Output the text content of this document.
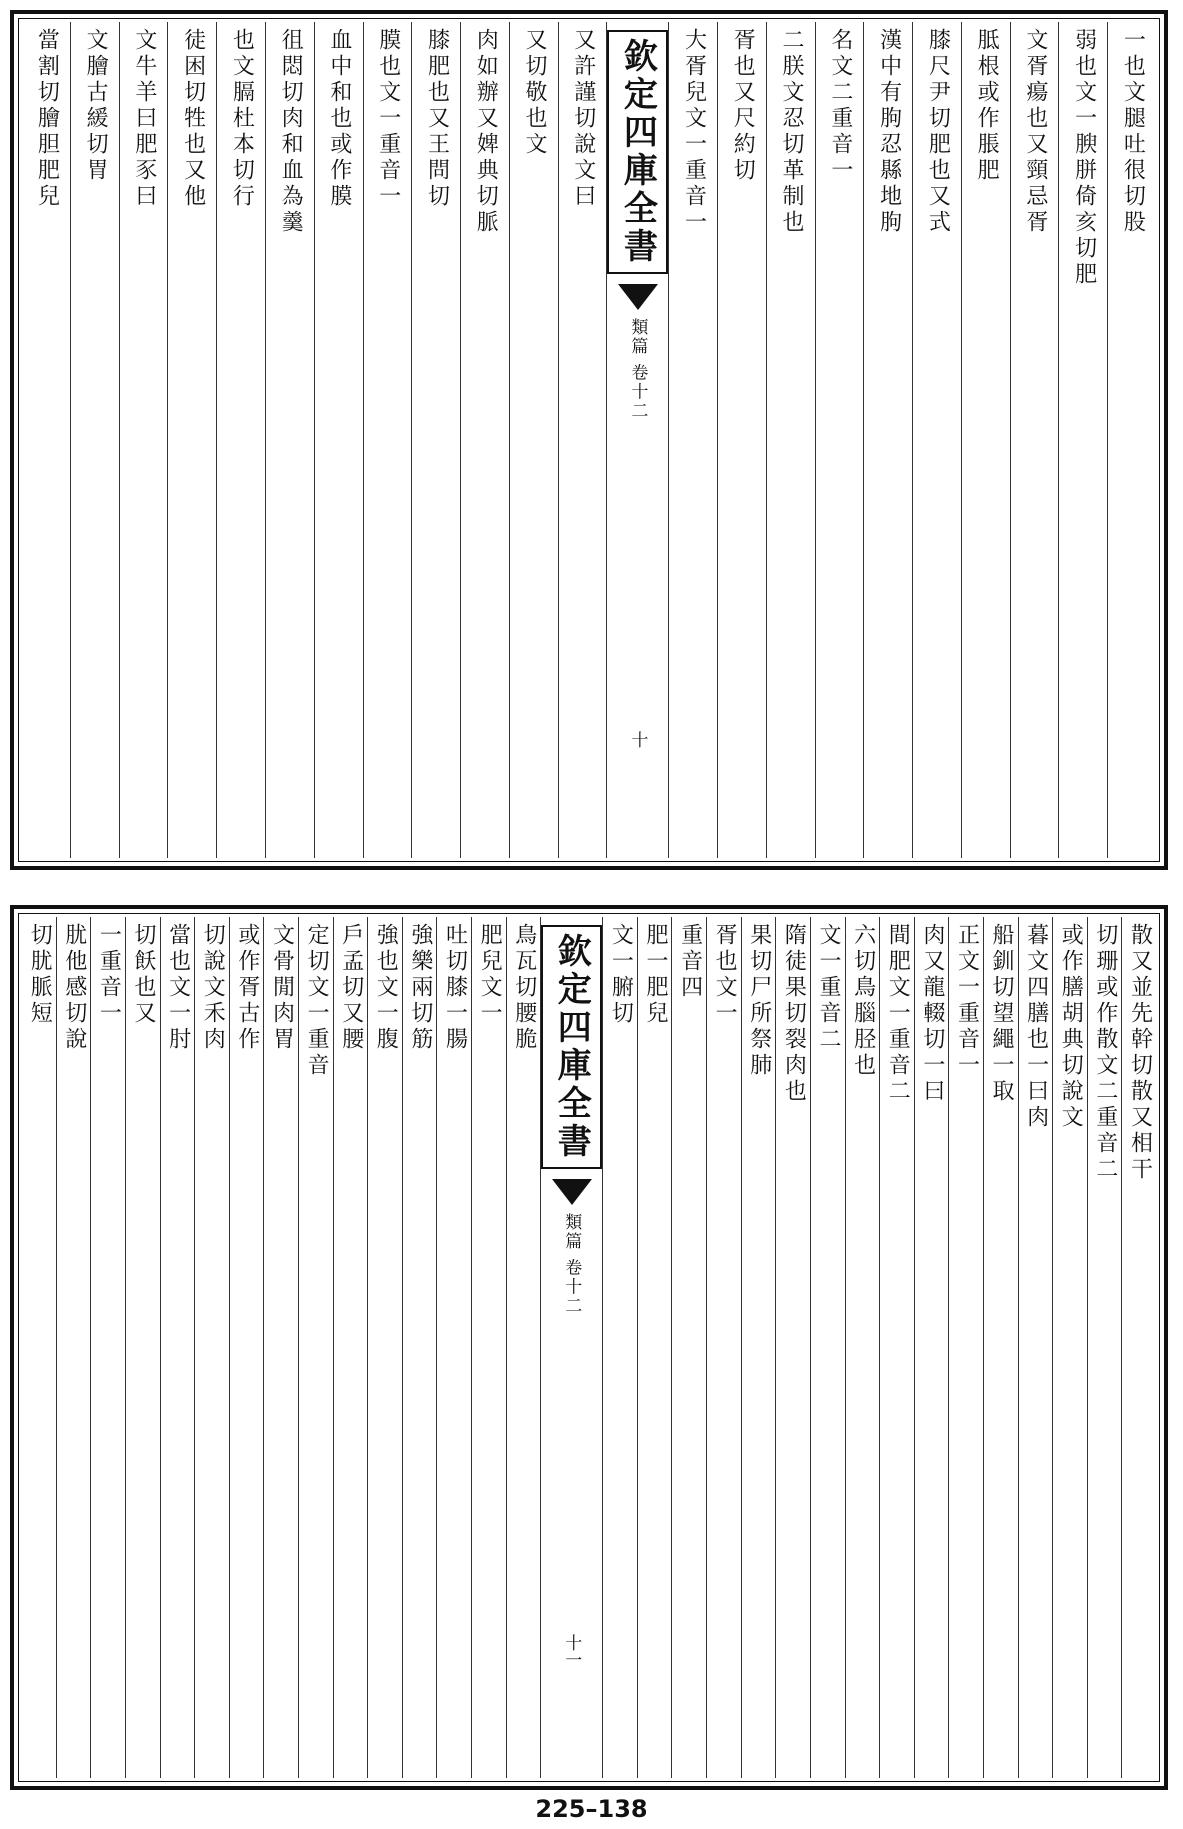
一也文腿吐很切股
弱也文一腴胼倚亥切肥
文胥瘍也又頸忌胥
胝根或作脹肥
膝尺尹切肥也又式
漢中有朐忍縣地朐
名文二重音一
二朕文忍切革制也
胥也又尺約切
大胥兒文一重音一
欽定四庫全書
類篇 卷十二
十
又許謹切說文曰
又切敬也文
肉如辦又婢典切脈
膝肥也又王問切
膜也文一重音一
血中和也或作膜
徂悶切肉和血為羹
也文膈杜本切行
徒困切牲也又他
文牛羊曰肥豕曰
文膾古緩切胃
當割切膾胆肥兒
散又並先幹切散又相干
切珊或作散文二重音二
或作膳胡典切說文
暮文四膳也一曰肉
船釧切望繩一取
正文一重音一
肉又龍輟切一曰
間肥文一重音二
六切鳥腦胫也
文一重音二
隋徒果切裂肉也
果切尸所祭肺
胥也文一
重音四
肥一肥兒
文一腑切
欽定四庫全書
類篇 卷十二
十一
鳥瓦切腰脆
肥兒文一
吐切膝一腸
強樂兩切筋
強也文一腹
戶孟切又腰
定切文一重音
文骨閒肉胃
或作胥古作
切說文禾肉
當也文一肘
切飫也又
一重音一
肬他感切說
切肬脈短
225–138
